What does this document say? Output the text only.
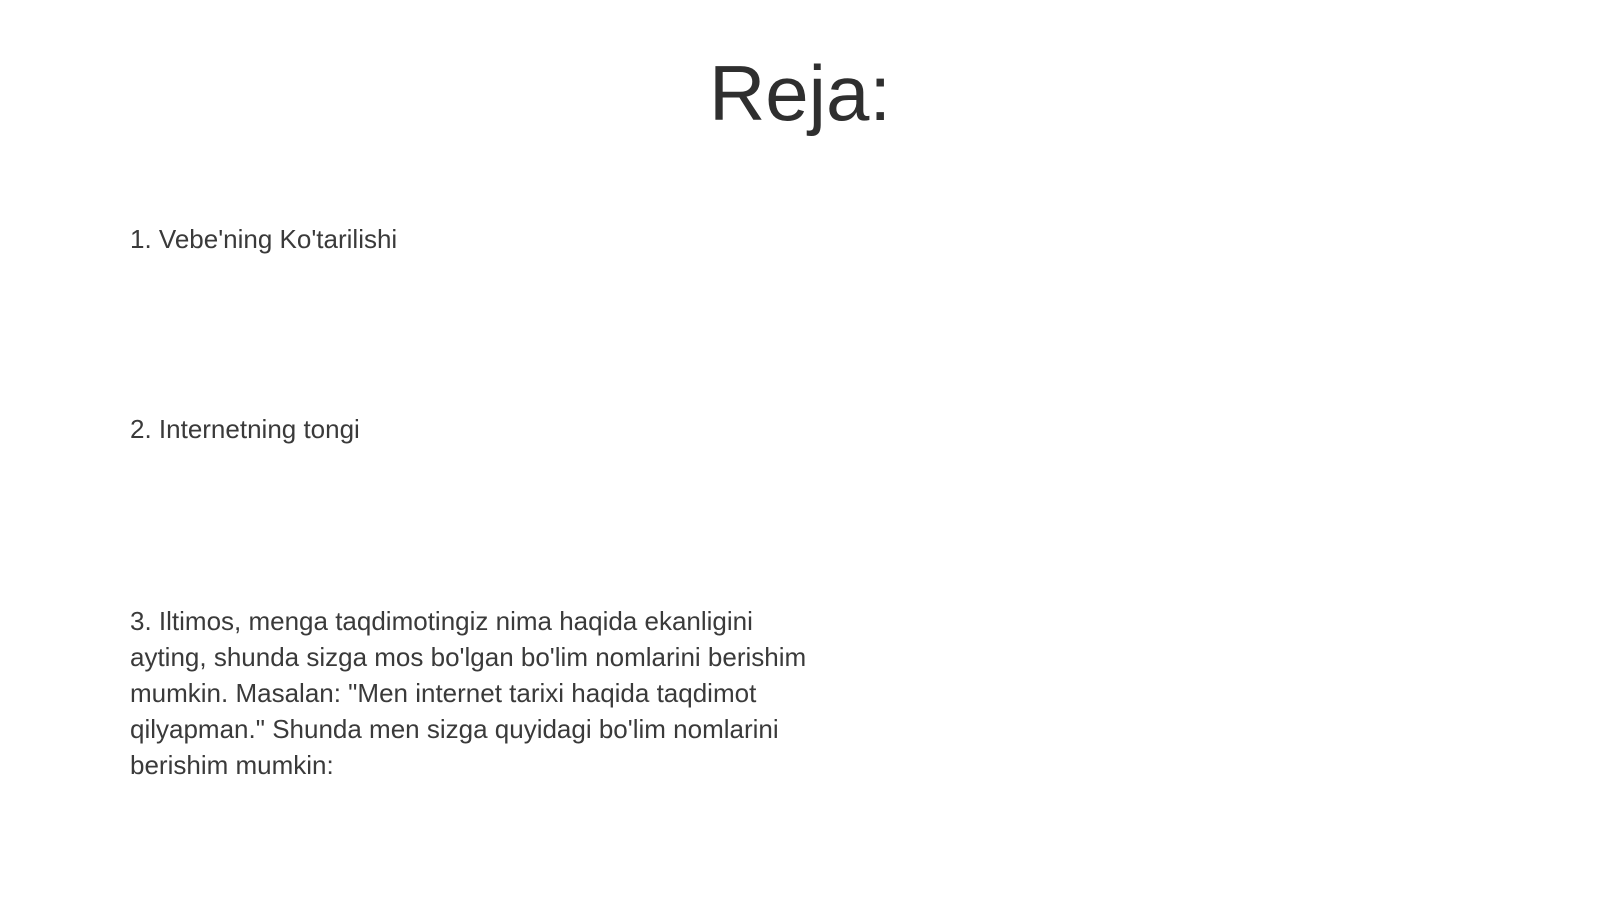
Reja:

1. Vebe'ning Ko'tarilishi

2. Internetning tongi

3. Iltimos, menga taqdimotingiz nima haqida ekanligini ayting, shunda sizga mos bo'lgan bo'lim nomlarini berishim mumkin. Masalan: "Men internet tarixi haqida taqdimot qilyapman." Shunda men sizga quyidagi bo'lim nomlarini berishim mumkin:
